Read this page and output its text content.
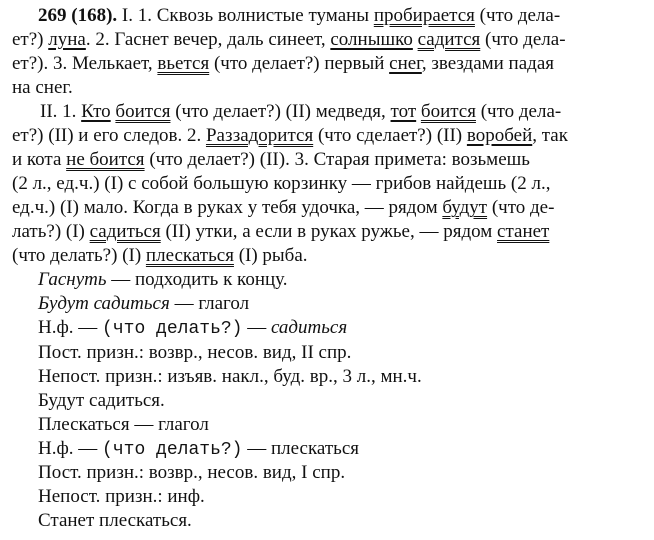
269 (168). I. 1. Сквозь волнистые туманы пробирается (что дела-
ет?) луна. 2. Гаснет вечер, даль синеет, солнышко садится (что дела-
ет?). 3. Мелькает, вьется (что делает?) первый снег, звездами падая
на снег.
II. 1. Кто боится (что делает?) (II) медведя, тот боится (что дела-
ет?) (II) и его следов. 2. Раззадорится (что сделает?) (II) воробей, так
и кота не боится (что делает?) (II). 3. Старая примета: возьмешь
(2 л., ед.ч.) (I) с собой большую корзинку — грибов найдешь (2 л.,
ед.ч.) (I) мало. Когда в руках у тебя удочка, — рядом будут (что де-
лать?) (I) садиться (II) утки, а если в руках ружье, — рядом станет
(что делать?) (I) плескаться (I) рыба.
Гаснуть — подходить к концу.
Будут садиться — глагол
Н.ф. — (что делать?) — садиться
Пост. призн.: возвр., несов. вид, II спр.
Непост. призн.: изъяв. накл., буд. вр., 3 л., мн.ч.
Будут садиться.
Плескаться — глагол
Н.ф. — (что делать?) — плескаться
Пост. призн.: возвр., несов. вид, I спр.
Непост. призн.: инф.
Станет плескаться.
